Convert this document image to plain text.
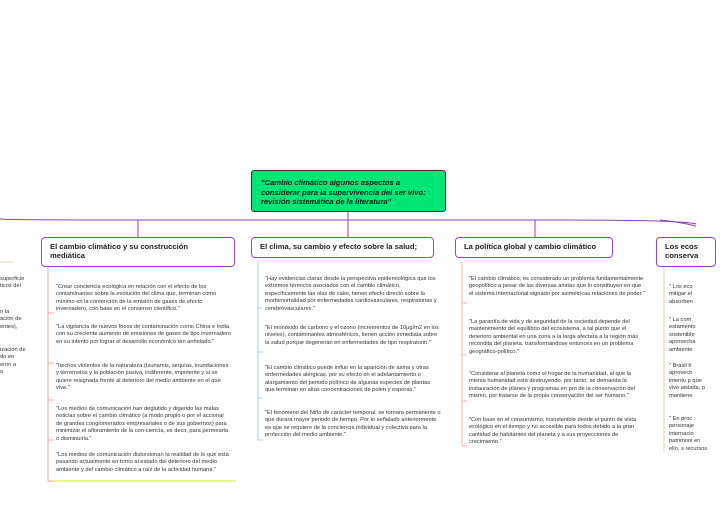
"Cambio climático algunos aspectos a considerar para la supervivencia del ser vivo: revisión sistemática de la literatura"
El cambio climático y su construcción mediática
El clima, su cambio y efecto sobre la salud;	La política global y cambio climático	Los ecos conserva
"Crear conciencia ecológica en relación con el efecto de los contaminantes sobre la evolución del clima que, terminan como mínimo en la contención de la emisión de gases de efecto invernadero, con base en el consenso científico."
"La vigilancia de nuevos focos de contaminación como China e India con su creciente aumento de emisiones de gases de tipo invernadero en su intento por lograr el desarrollo económico tan anhelado."
"hechos violentos de la naturaleza (tsunamis, sequías, inundaciones y terremotos y la población pasiva, indiferente, impotente y si se quiere resignada frente al deterioro del medio ambiente en el que vive."
"Los medios de comunicación han deglutido y digerido las malas noticias sobre el cambio climático (a modo propio o por el accionar de grandes conglomerados empresariales o de sus gobiernos) para minimizar el afloramiento de la con-ciencia, es decir, para permearla o disminuirla."
"Los medios de comunicación distorsionan la realidad de lo que está pasando actualmente en torno al estado del deterioro del medio ambiente y del cambio climático a raíz de la actividad humana."
"Hay evidencias claras desde la perspectiva epidemiológica que los extremos térmicos asociados con el cambio climático, específicamente las olas de calor, tienen efecto directo sobre la morbimortalidad por enfermedades cardiovasculares, respiratorias y cerebrovasculares."
"El monóxido de carbono y el ozono (incrementos de 10μg/m2 en los niveles), contaminantes atmosféricos, tienen acción inmediata sobre la salud porque degeneran en enfermedades de tipo respiratorio."
"El cambio climático puede influir en la aparición de asma y otras enfermedades alérgicas, por su efecto en el adelantamiento o alargamiento del periodo polínico de algunas especies de plantas que terminan en altas concentraciones de polen y esporas."
"El fenómeno del Niño de carácter temporal, se tornara permanente o que durara mayor periodo de tiempo. Por lo señalado anteriormente es que se requiere de la conciencia individual y colectiva para la protección del medio ambiente."
"El cambio climático, es considerado un problema fundamentalmente geopolítico a pesar de las diversas aristas que lo constituyen en que el sistema internacional signado por asimétricas relaciones de poder."
"La garantía de vida y de seguridad de la sociedad depende del mantenimiento del equilibrio del ecosistema, a tal punto que el deterioro ambiental en una zona a la larga afectara a la región más recóndita del planeta, transformándose entonces en un problema geográfico-político."
"Considerar al planeta como el hogar de la humanidad, al que la misma humanidad está destruyendo, por tanto, se demanda la instauración de planes y programas en pro de la conservación del mismo, por tratarse de la propia conservación del ser humano."
"Con base en el consumismo, insostenible desde el punto de vista ecológico en el tiempo y no accesible para todos debido a la gran cantidad de habitantes del planeta y a sus proyecciones de crecimiento."
" Los eco mitigar el absorben
" La com estamento sostenible aprovecha ambiente
" Brasil ti aprovech intento p que vive aislada, p mantiene
" En proc personaje internacio patrimoni en ello, s recursos
superficie
ticos del
n la
ación de
entes),
ización de
do en
eron a
o
